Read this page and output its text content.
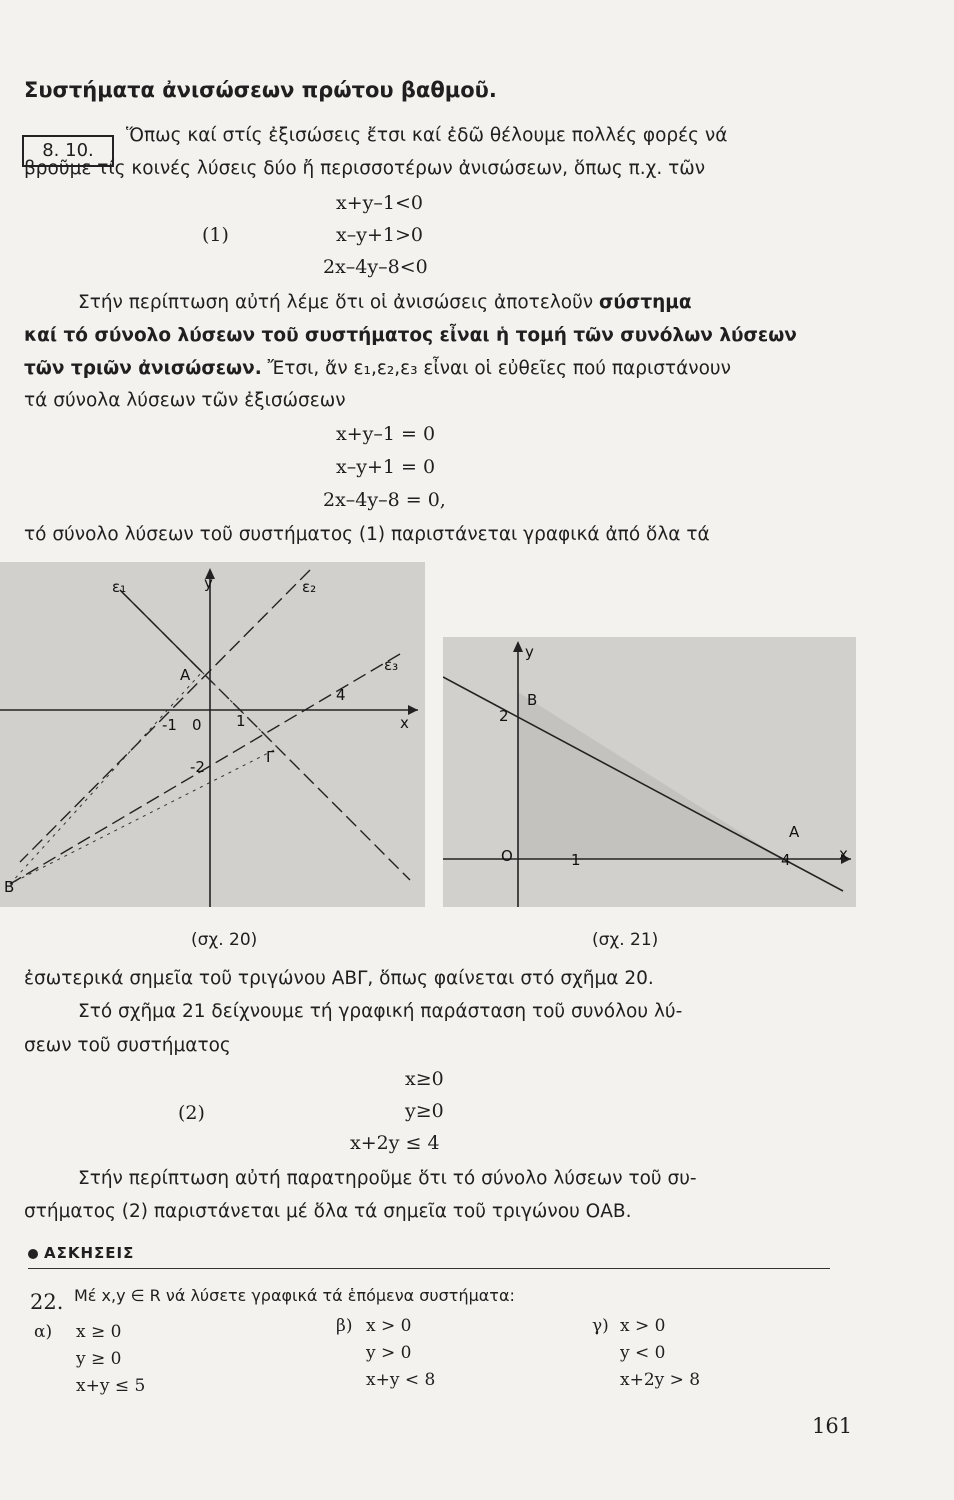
Συστήματα ἀνισώσεων πρώτου βαθμοῦ.
8. 10.
Ὅπως καί στίς ἐξισώσεις ἔτσι καί ἐδῶ θέλουμε πολλές φορές νά
βροῦμε τίς κοινές λύσεις δύο ἤ περισσοτέρων ἀνισώσεων, ὅπως π.χ. τῶν
(1)
x+y–1<0
x–y+1>0
2x–4y–8<0
Στήν περίπτωση αὐτή λέμε ὅτι οἱ ἀνισώσεις ἀποτελοῦν σύστημα
καί τό σύνολο λύσεων τοῦ συστήματος εἶναι ἡ τομή τῶν συνόλων λύσεων
τῶν τριῶν ἀνισώσεων. Ἔτσι, ἄν ε₁,ε₂,ε₃ εἶναι οἱ εὐθεῖες πού παριστάνουν
τά σύνολα λύσεων τῶν ἐξισώσεων
x+y–1 = 0
x–y+1 = 0
2x–4y–8 = 0,
τό σύνολο λύσεων τοῦ συστήματος (1) παριστάνεται γραφικά ἀπό ὅλα τά
ε₁	ε₂
ε₃
y
x
A
B
Γ
-1 0 1
4
-2
y
B
2
A
O	1	4	x
(σχ. 20)	(σχ. 21)
ἐσωτερικά σημεῖα τοῦ τριγώνου ΑΒΓ, ὅπως φαίνεται στό σχῆμα 20.
Στό σχῆμα 21 δείχνουμε τή γραφική παράσταση τοῦ συνόλου λύ-
σεων τοῦ συστήματος
(2)
x≥0
y≥0
x+2y ≤ 4
Στήν περίπτωση αὐτή παρατηροῦμε ὅτι τό σύνολο λύσεων τοῦ συ-
στήματος (2) παριστάνεται μέ ὅλα τά σημεῖα τοῦ τριγώνου ΟΑΒ.
ΑΣΚΗΣΕΙΣ
22. Μέ x,y ∈ R νά λύσετε γραφικά τά ἑπόμενα συστήματα:
α) x ≥ 0
y ≥ 0
x+y ≤ 5
β) x > 0
y > 0
x+y < 8
γ) x > 0
y < 0
x+2y > 8
161
